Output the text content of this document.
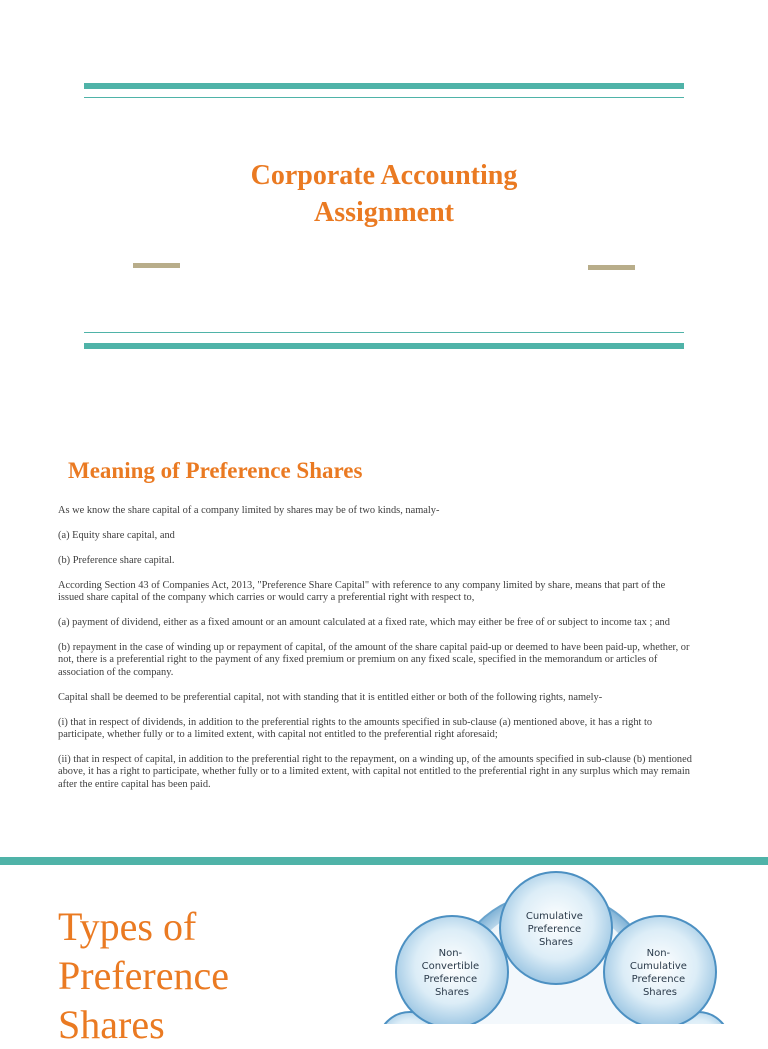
Corporate Accounting
Assignment
Meaning of Preference Shares

As we know the share capital of a company limited by shares may be of two kinds, namaly-

(a) Equity share capital, and

(b) Preference share capital.

According Section 43 of Companies Act, 2013, "Preference Share Capital" with reference to any company limited by share, means that part of the issued share capital of the company which carries or would carry a preferential right with respect to,

(a) payment of dividend, either as a fixed amount or an amount calculated at a fixed rate, which may either be free of or subject to income tax ; and

(b) repayment in the case of winding up or repayment of capital, of the amount of the share capital paid-up or deemed to have been paid-up, whether, or not, there is a preferential right to the payment of any fixed premium or premium on any fixed scale, specified in the memorandum or articles of association of the company.

Capital shall be deemed to be preferential capital, not with standing that it is entitled either or both of the following rights, namely-

(i) that in respect of dividends, in addition to the preferential rights to the amounts specified in sub-clause (a) mentioned above, it has a right to participate, whether fully or to a limited extent, with capital not entitled to the preferential right aforesaid;

(ii) that in respect of capital, in addition to the preferential right to the repayment, on a winding up, of the amounts specified in sub-clause (b) mentioned above, it has a right to participate, whether fully or to a limited extent, with capital not entitled to the preferential right in any surplus which may remain after the entire capital has been paid.

Types of
Preference
Shares
Non- Convertible Preference Shares
Non- Cumulative Preference Shares
Cumulative Preference Shares
